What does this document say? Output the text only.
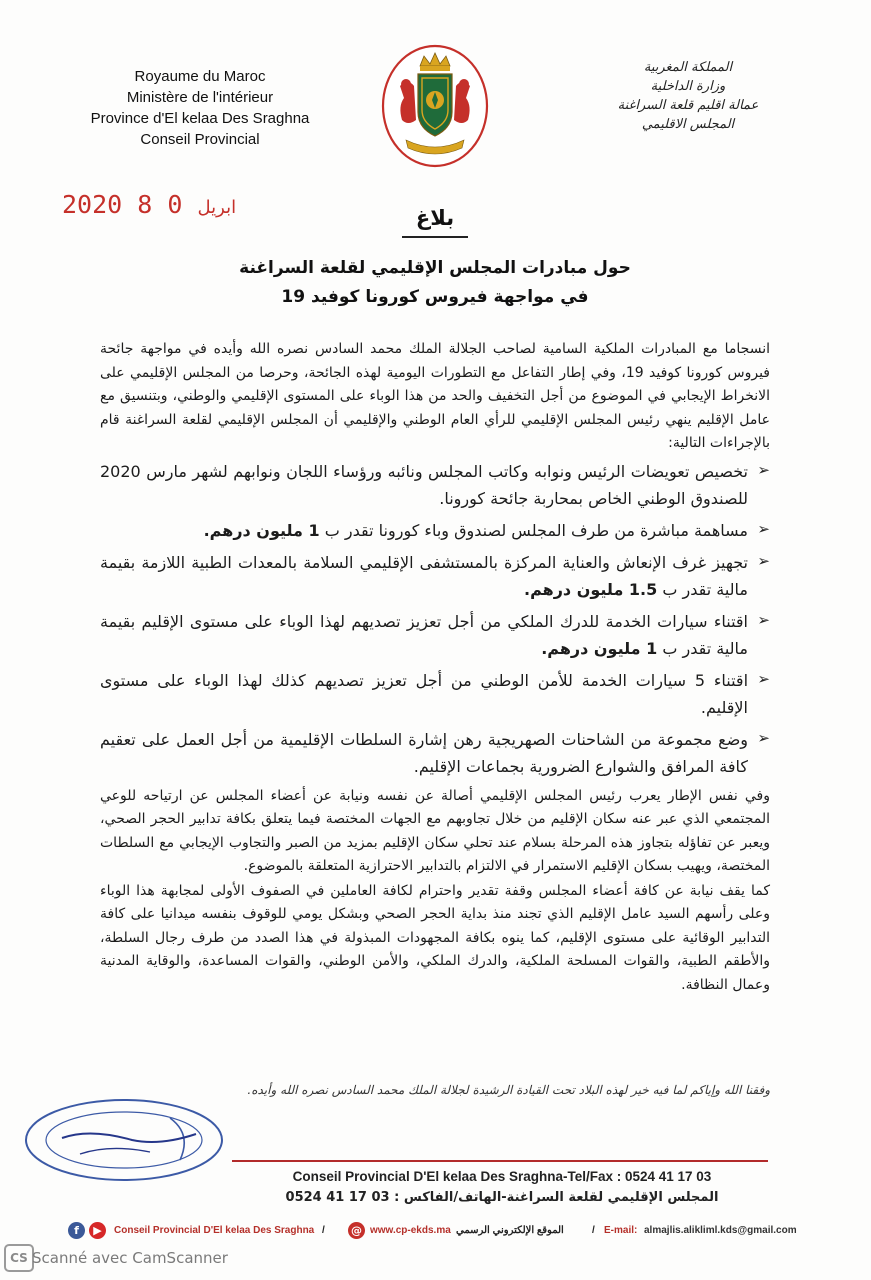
Royaume du Maroc
Ministère de l'intérieur
Province d'El kelaa Des Sraghna
Conseil Provincial
المملكة المغربية
وزارة الداخلية
عمالة اقليم قلعة السراغنة
المجلس الاقليمي
2020	ابريل 0 8	بلاغ
حول مبادرات المجلس الإقليمي لقلعة السراغنة
في مواجهة فيروس كورونا كوفيد 19

انسجاما مع المبادرات الملكية السامية لصاحب الجلالة الملك محمد السادس نصره الله وأيده في مواجهة جائحة فيروس كورونا كوفيد 19، وفي إطار التفاعل مع التطورات اليومية لهذه الجائحة، وحرصا من المجلس الإقليمي على الانخراط الإيجابي في الموضوع من أجل التخفيف والحد من هذا الوباء على المستوى الإقليمي والوطني، وبتنسيق مع عامل الإقليم ينهي رئيس المجلس الإقليمي للرأي العام الوطني والإقليمي أن المجلس الإقليمي لقلعة السراغنة قام بالإجراءات التالية:

➢
تخصيص تعويضات الرئيس ونوابه وكاتب المجلس ونائبه ورؤساء اللجان ونوابهم لشهر مارس 2020 للصندوق الوطني الخاص بمحاربة جائحة كورونا.
➢
مساهمة مباشرة من طرف المجلس لصندوق وباء كورونا تقدر ب 1 مليون درهم.
➢
تجهيز غرف الإنعاش والعناية المركزة بالمستشفى الإقليمي السلامة بالمعدات الطبية اللازمة بقيمة مالية تقدر ب 1.5 مليون درهم.
➢
اقتناء سيارات الخدمة للدرك الملكي من أجل تعزيز تصديهم لهذا الوباء على مستوى الإقليم بقيمة مالية تقدر ب 1 مليون درهم.
➢
اقتناء 5 سيارات الخدمة للأمن الوطني من أجل تعزيز تصديهم كذلك لهذا الوباء على مستوى الإقليم.
➢
وضع مجموعة من الشاحنات الصهريجية رهن إشارة السلطات الإقليمية من أجل العمل على تعقيم كافة المرافق والشوارع الضرورية بجماعات الإقليم.

وفي نفس الإطار يعرب رئيس المجلس الإقليمي أصالة عن نفسه ونيابة عن أعضاء المجلس عن ارتياحه للوعي المجتمعي الذي عبر عنه سكان الإقليم من خلال تجاوبهم مع الجهات المختصة فيما يتعلق بكافة تدابير الحجر الصحي، ويعبر عن تفاؤله بتجاوز هذه المرحلة بسلام عند تحلي سكان الإقليم بمزيد من الصبر والتجاوب الإيجابي مع السلطات المختصة، ويهيب بسكان الإقليم الاستمرار في الالتزام بالتدابير الاحترازية المتعلقة بالموضوع.

كما يقف نيابة عن كافة أعضاء المجلس وقفة تقدير واحترام لكافة العاملين في الصفوف الأولى لمجابهة هذا الوباء وعلى رأسهم السيد عامل الإقليم الذي تجند منذ بداية الحجر الصحي وبشكل يومي للوقوف بنفسه ميدانيا على كافة التدابير الوقائية على مستوى الإقليم، كما ينوه بكافة المجهودات المبذولة في هذا الصدد من طرف رجال السلطة، والأطقم الطبية، والقوات المسلحة الملكية، والدرك الملكي، والأمن الوطني، والقوات المساعدة، والوقاية المدنية وعمال النظافة.

وفقنا الله وإياكم لما فيه خير لهذه البلاد تحت القيادة الرشيدة لجلالة الملك محمد السادس نصره الله وأيده.
Conseil Provincial D'El kelaa Des Sraghna-Tel/Fax : 0524 41 17 03
المجلس الإقليمي لقلعة السراغنة-الهاتف/الفاكس : 03 17 41 0524
f	▶	Conseil Provincial D'El kelaa Des Sraghna / @ www.cp-ekds.ma الموقع الإلكتروني الرسمي	/ E-mail: almajlis.alikliml.kds@gmail.com
CS Scanné avec CamScanner
